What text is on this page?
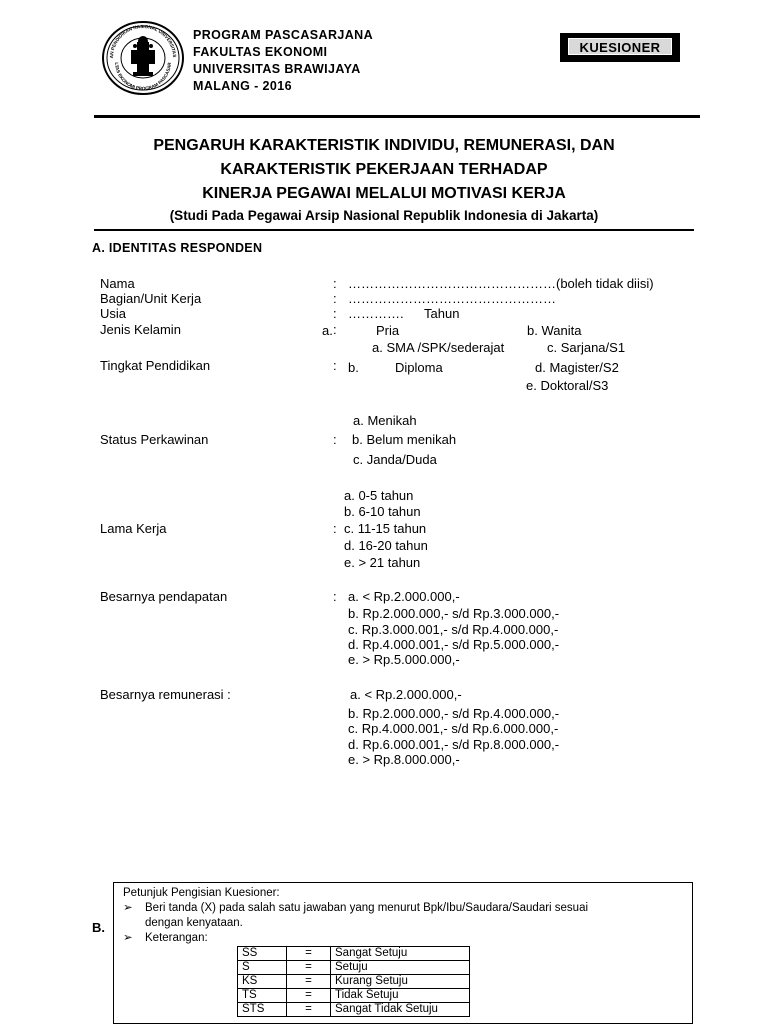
AN PENDIDIKAN NASIONAL UNIVERSITAS
LTAS EKONOMI PROGRAM PASCASAR
PROGRAM PASCASARJANA
FAKULTAS EKONOMI
UNIVERSITAS BRAWIJAYA
MALANG - 2016
KUESIONER
PENGARUH KARAKTERISTIK INDIVIDU, REMUNERASI, DAN
KARAKTERISTIK PEKERJAAN TERHADAP
KINERJA PEGAWAI MELALUI MOTIVASI KERJA
(Studi Pada Pegawai Arsip Nasional Republik Indonesia di Jakarta)
A. IDENTITAS RESPONDEN
Nama	: …………………………………………(boleh tidak diisi)
Bagian/Unit Kerja	: …………………………………………
Usia	: …………. Tahun
Jenis Kelamin	a. :	Pria	b. Wanita
a. SMA /SPK/sederajat	c. Sarjana/S1
Tingkat Pendidikan	: b.	Diploma	d. Magister/S2
e. Doktoral/S3
a. Menikah
Status Perkawinan	: b. Belum menikah
c. Janda/Duda
a. 0-5 tahun
b. 6-10 tahun
Lama Kerja	: c. 11-15 tahun
d. 16-20 tahun
e. > 21 tahun
Besarnya pendapatan	: a. < Rp.2.000.000,-
b. Rp.2.000.000,- s/d Rp.3.000.000,-
c. Rp.3.000.001,- s/d Rp.4.000.000,-
d. Rp.4.000.001,- s/d Rp.5.000.000,-
e. > Rp.5.000.000,-
Besarnya remunerasi :	a. < Rp.2.000.000,-
b. Rp.2.000.000,- s/d Rp.4.000.000,-
c. Rp.4.000.001,- s/d Rp.6.000.000,-
d. Rp.6.000.001,- s/d Rp.8.000.000,-
e. > Rp.8.000.000,-
B.
Petunjuk Pengisian Kuesioner:
➢ Beri tanda (X) pada salah satu jawaban yang menurut Bpk/Ibu/Saudara/Saudari sesuai
dengan kenyataan.
➢ Keterangan:
SS	=	Sangat Setuju
S	=	Setuju
KS	=	Kurang Setuju
TS	=	Tidak Setuju
STS	=	Sangat Tidak Setuju
